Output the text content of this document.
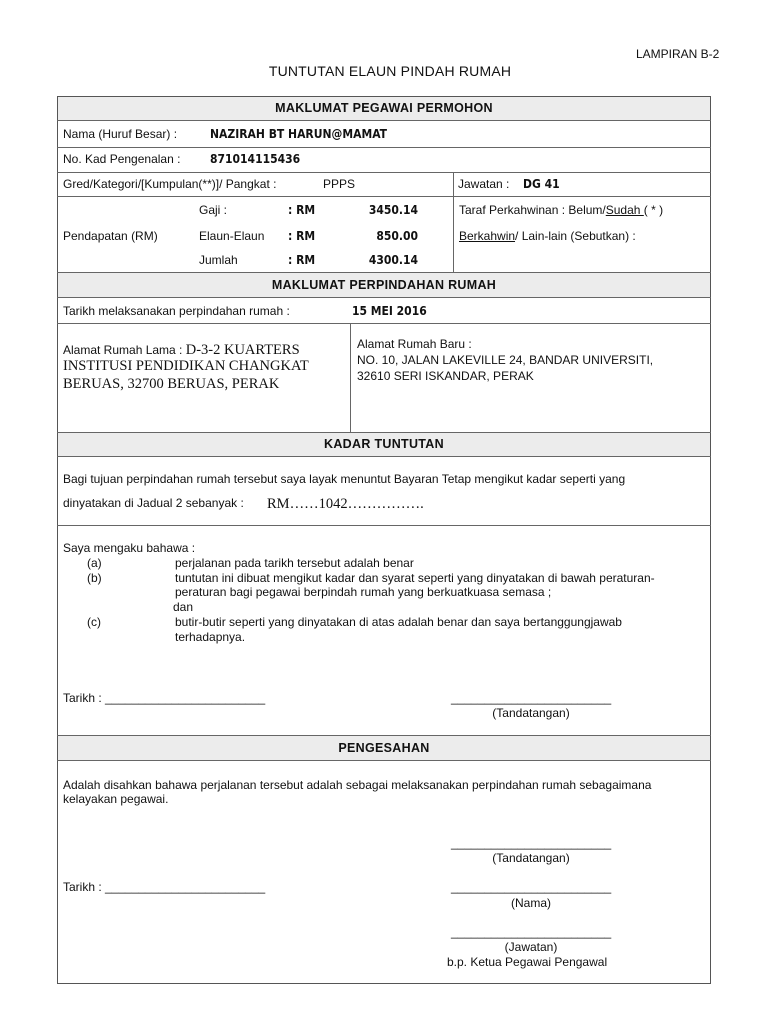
LAMPIRAN B-2
TUNTUTAN ELAUN PINDAH RUMAH
MAKLUMAT PEGAWAI PERMOHON
Nama (Huruf Besar) :	NAZIRAH BT HARUN@MAMAT
No. Kad Pengenalan : 871014115436
Gred/Kategori/[Kumpulan(**)]/ Pangkat :	PPPS	Jawatan : DG 41
Pendapatan (RM)
Gaji :	: RM	3450.14
Elaun-Elaun : RM	850.00
Jumlah	: RM	4300.14
Taraf Perkahwinan : Belum/Sudah ( * )
Berkahwin/ Lain-lain (Sebutkan) :
MAKLUMAT PERPINDAHAN RUMAH
Tarikh melaksanakan perpindahan rumah :	15 MEI 2016
Alamat Rumah Lama : D-3-2 KUARTERS
INSTITUSI PENDIDIKAN CHANGKAT
BERUAS, 32700 BERUAS, PERAK
Alamat Rumah Baru :
NO. 10, JALAN LAKEVILLE 24, BANDAR UNIVERSITI,
32610 SERI ISKANDAR, PERAK
KADAR TUNTUTAN
Bagi tujuan perpindahan rumah tersebut saya layak menuntut Bayaran Tetap mengikut kadar seperti yang
dinyatakan di Jadual 2 sebanyak : RM……1042…………….
Saya mengaku bahawa :
(a)	perjalanan pada tarikh tersebut adalah benar
(b)	tuntutan ini dibuat mengikut kadar dan syarat seperti yang dinyatakan di bawah peraturan-
peraturan bagi pegawai berpindah rumah yang berkuatkuasa semasa ;
dan
(c)	butir-butir seperti yang dinyatakan di atas adalah benar dan saya bertanggungjawab
terhadapnya.
Tarikh : ________________________	________________________
(Tandatangan)
PENGESAHAN
Adalah disahkan bahawa perjalanan tersebut adalah sebagai melaksanakan perpindahan rumah sebagaimana
kelayakan pegawai.
________________________
(Tandatangan)
Tarikh : ________________________	________________________
(Nama)
________________________
(Jawatan)
b.p. Ketua Pegawai Pengawal
